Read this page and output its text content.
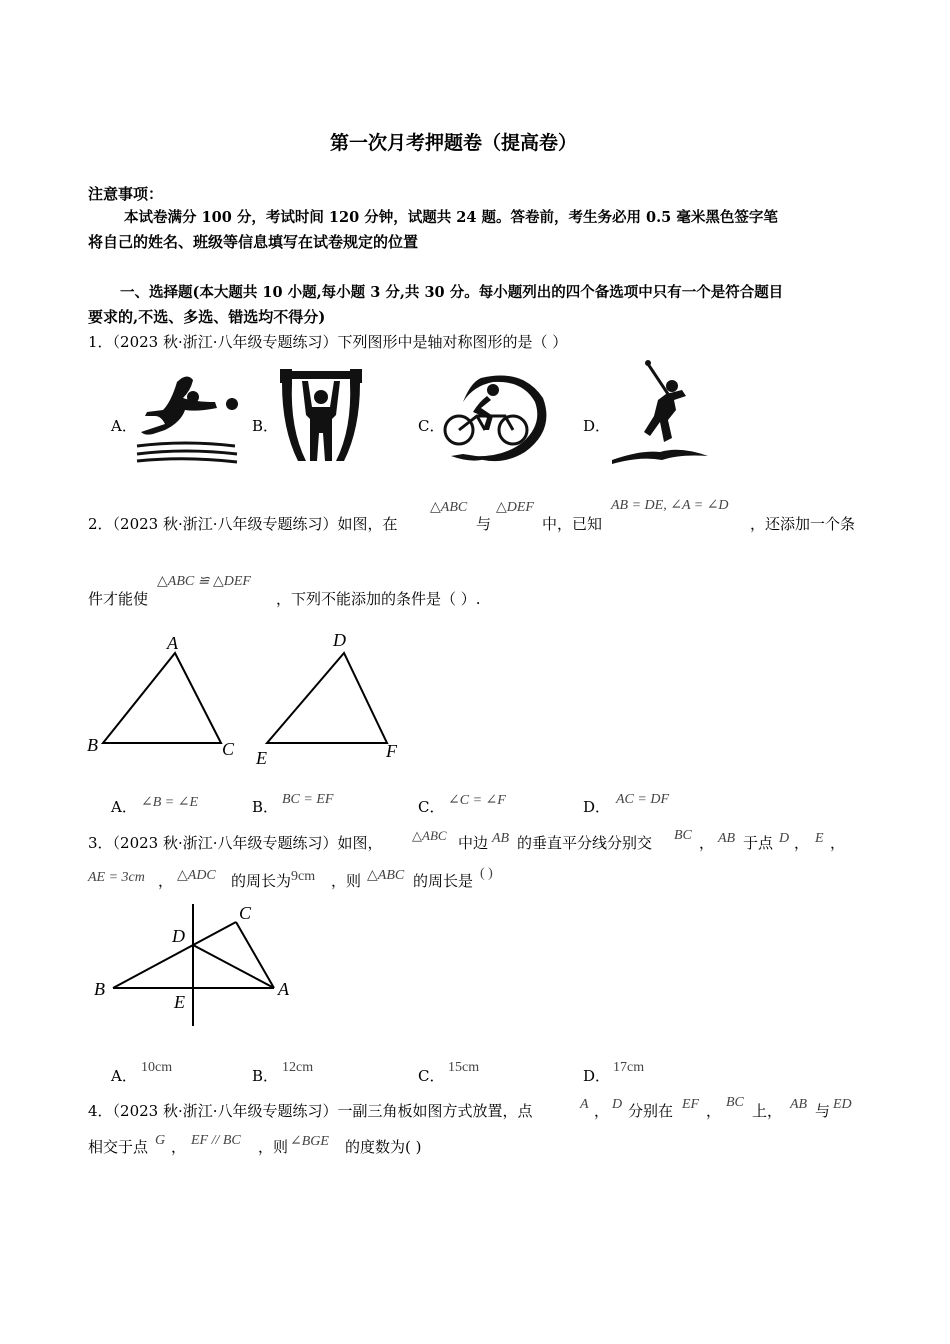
第一次月考押题卷（提高卷）
注意事项：
本试卷满分 100 分，考试时间 120 分钟，试题共 24 题。答卷前，考生务必用 0.5 毫米黑色签字笔
将自己的姓名、班级等信息填写在试卷规定的位置
一、选择题(本大题共 10 小题,每小题 3 分,共 30 分。每小题列出的四个备选项中只有一个是符合题目
要求的,不选、多选、错选均不得分)
1．（2023 秋·浙江·八年级专题练习）下列图形中是轴对称图形的是（ ）
A．	B．	C．	D．
2．（2023 秋·浙江·八年级专题练习）如图，在
△ABC
与
△DEF
中，已知
AB = DE, ∠A = ∠D
，还添加一个条
件才能使
△ABC ≌ △DEF
，下列不能添加的条件是（ ）.
A
B	C
D
E	F
A． ∠B = ∠E	B． BC = EF	C． ∠C = ∠F	D． AC = DF
3．（2023 秋·浙江·八年级专题练习）如图， △ABC 中边 AB 的垂直平分线分别交 BC ， AB 于点 D ， E ，
AE = 3cm ， △ADC 的周长为 9cm ，则 △ABC 的周长是 ( )
C
D
B	A
E
A． 10cm	B． 12cm	C． 15cm	D． 17cm
4．（2023 秋·浙江·八年级专题练习）一副三角板如图方式放置，点	A ， D 分别在 EF ， BC 上， AB 与 ED
相交于点 G ， EF // BC ，则 ∠BGE 的度数为( )
